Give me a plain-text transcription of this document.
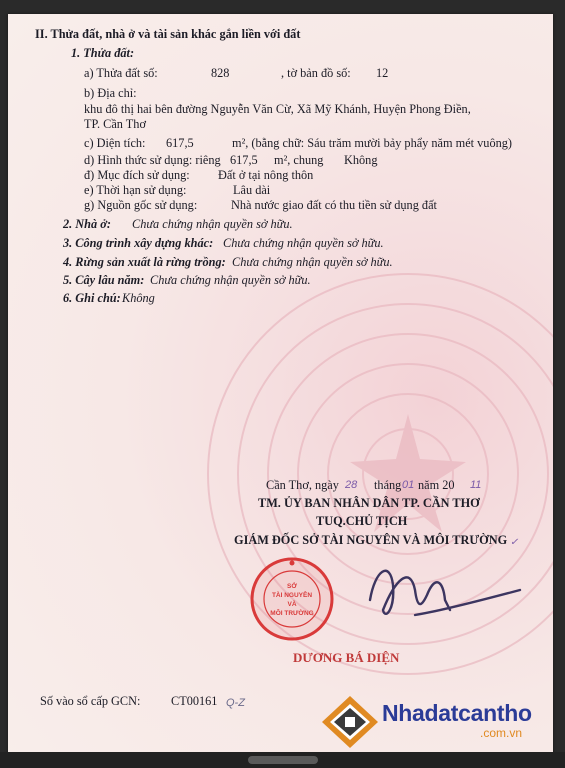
II. Thửa đất, nhà ở và tài sản khác gắn liền với đất
1. Thửa đất:
a) Thửa đất số:	828	, tờ bản đồ số: 12
b) Địa chỉ:
khu đô thị hai bên đường Nguyễn Văn Cừ, Xã Mỹ Khánh, Huyện Phong Điền,
TP. Cần Thơ
c) Diện tích: 617,5	m², (bằng chữ: Sáu trăm mười bảy phẩy năm mét vuông)
d) Hình thức sử dụng: riêng 617,5 m², chung Không
đ) Mục đích sử dụng: Đất ở tại nông thôn
e) Thời hạn sử dụng:	Lâu dài
g) Nguồn gốc sử dụng:	Nhà nước giao đất có thu tiền sử dụng đất
2. Nhà ở: Chưa chứng nhận quyền sở hữu.
3. Công trình xây dựng khác: Chưa chứng nhận quyền sở hữu.
4. Rừng sản xuất là rừng trồng: Chưa chứng nhận quyền sở hữu.
5. Cây lâu năm: Chưa chứng nhận quyền sở hữu.
6. Ghi chú: Không
Cần Thơ, ngày 28 tháng 01 năm 20 11
TM. ỦY BAN NHÂN DÂN TP. CẦN THƠ
TUQ.CHỦ TỊCH
GIÁM ĐỐC SỞ TÀI NGUYÊN VÀ MÔI TRƯỜNG ✓
SỞ
TÀI NGUYÊN
VÀ
MÔI TRƯỜNG
DƯƠNG BÁ DIỆN
Số vào sổ cấp GCN: CT00161 Q-Z	Nhadatcantho
.com.vn
